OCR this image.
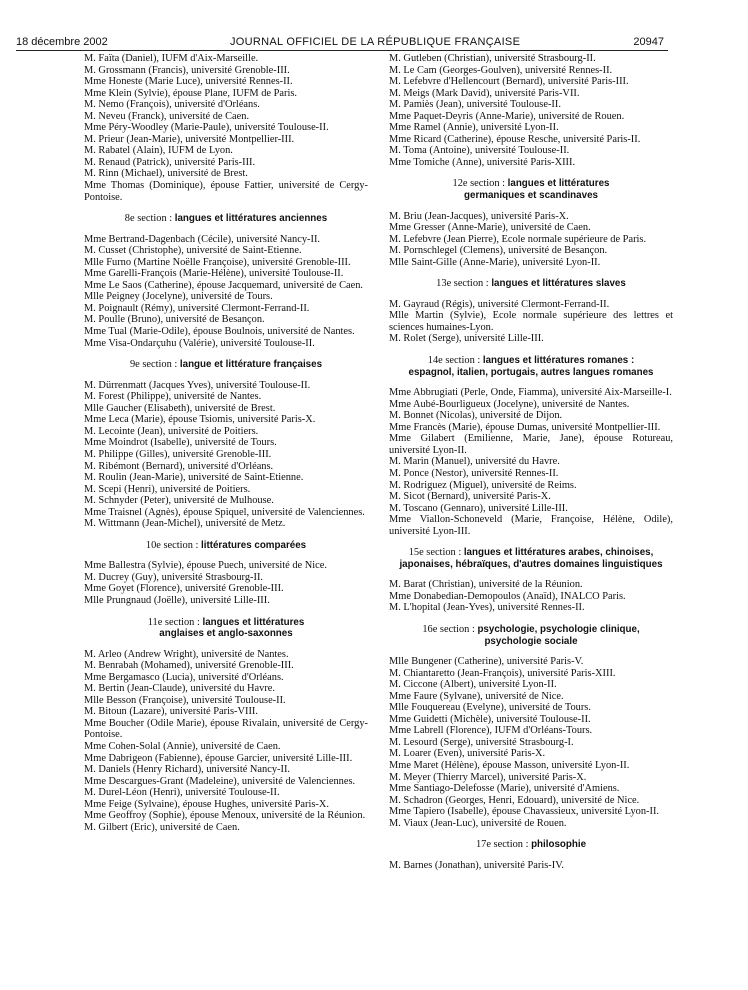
18 décembre 2002	JOURNAL OFFICIEL DE LA RÉPUBLIQUE FRANÇAISE	20947
M. Faïta (Daniel), IUFM d'Aix-Marseille.
M. Grossmann (Francis), université Grenoble-III.
Mme Honeste (Marie Luce), université Rennes-II.
Mme Klein (Sylvie), épouse Plane, IUFM de Paris.
M. Nemo (François), université d'Orléans.
M. Neveu (Franck), université de Caen.
Mme Péry-Woodley (Marie-Paule), université Toulouse-II.
M. Prieur (Jean-Marie), université Montpellier-III.
M. Rabatel (Alain), IUFM de Lyon.
M. Renaud (Patrick), université Paris-III.
M. Rinn (Michael), université de Brest.
Mme Thomas (Dominique), épouse Fattier, université de Cergy-Pontoise.
8e section : langues et littératures anciennes
Mme Bertrand-Dagenbach (Cécile), université Nancy-II.
M. Cusset (Christophe), université de Saint-Etienne.
Mlle Furno (Martine Noëlle Françoise), université Grenoble-III.
Mme Garelli-François (Marie-Hélène), université Toulouse-II.
Mme Le Saos (Catherine), épouse Jacquemard, université de Caen.
Mlle Peigney (Jocelyne), université de Tours.
M. Poignault (Rémy), université Clermont-Ferrand-II.
M. Poulle (Bruno), université de Besançon.
Mme Tual (Marie-Odile), épouse Boulnois, université de Nantes.
Mme Visa-Ondarçuhu (Valérie), université Toulouse-II.
9e section : langue et littérature françaises
M. Dürrenmatt (Jacques Yves), université Toulouse-II.
M. Forest (Philippe), université de Nantes.
Mlle Gaucher (Elisabeth), université de Brest.
Mme Leca (Marie), épouse Tsiomis, université Paris-X.
M. Lecointe (Jean), université de Poitiers.
Mme Moindrot (Isabelle), université de Tours.
M. Philippe (Gilles), université Grenoble-III.
M. Ribémont (Bernard), université d'Orléans.
M. Roulin (Jean-Marie), université de Saint-Etienne.
M. Scepi (Henri), université de Poitiers.
M. Schnyder (Peter), université de Mulhouse.
Mme Traisnel (Agnès), épouse Spiquel, université de Valenciennes.
M. Wittmann (Jean-Michel), université de Metz.
10e section : littératures comparées
Mme Ballestra (Sylvie), épouse Puech, université de Nice.
M. Ducrey (Guy), université Strasbourg-II.
Mme Goyet (Florence), université Grenoble-III.
Mlle Prungnaud (Joëlle), université Lille-III.
11e section : langues et littératures
anglaises et anglo-saxonnes
M. Arleo (Andrew Wright), université de Nantes.
M. Benrabah (Mohamed), université Grenoble-III.
Mme Bergamasco (Lucia), université d'Orléans.
M. Bertin (Jean-Claude), université du Havre.
Mlle Besson (Françoise), université Toulouse-II.
M. Bitoun (Lazare), université Paris-VIII.
Mme Boucher (Odile Marie), épouse Rivalain, université de Cergy-Pontoise.
Mme Cohen-Solal (Annie), université de Caen.
Mme Dabrigeon (Fabienne), épouse Garcier, université Lille-III.
M. Daniels (Henry Richard), université Nancy-II.
Mme Descargues-Grant (Madeleine), université de Valenciennes.
M. Durel-Léon (Henri), université Toulouse-II.
Mme Feige (Sylvaine), épouse Hughes, université Paris-X.
Mme Geoffroy (Sophie), épouse Menoux, université de la Réunion.
M. Gilbert (Eric), université de Caen.
M. Gutleben (Christian), université Strasbourg-II.
M. Le Cam (Georges-Goulven), université Rennes-II.
M. Lefebvre d'Hellencourt (Bernard), université Paris-III.
M. Meigs (Mark David), université Paris-VII.
M. Pamiès (Jean), université Toulouse-II.
Mme Paquet-Deyris (Anne-Marie), université de Rouen.
Mme Ramel (Annie), université Lyon-II.
Mme Ricard (Catherine), épouse Resche, université Paris-II.
M. Toma (Antoine), université Toulouse-II.
Mme Tomiche (Anne), université Paris-XIII.
12e section : langues et littératures
germaniques et scandinaves
M. Briu (Jean-Jacques), université Paris-X.
Mme Gresser (Anne-Marie), université de Caen.
M. Lefebvre (Jean Pierre), Ecole normale supérieure de Paris.
M. Pornschlegel (Clemens), université de Besançon.
Mlle Saint-Gille (Anne-Marie), université Lyon-II.
13e section : langues et littératures slaves
M. Gayraud (Régis), université Clermont-Ferrand-II.
Mlle Martin (Sylvie), Ecole normale supérieure des lettres et sciences humaines-Lyon.
M. Rolet (Serge), université Lille-III.
14e section : langues et littératures romanes :
espagnol, italien, portugais, autres langues romanes
Mme Abbrugiati (Perle, Onde, Fiamma), université Aix-Marseille-I.
Mme Aubé-Bourligueux (Jocelyne), université de Nantes.
M. Bonnet (Nicolas), université de Dijon.
Mme Francès (Marie), épouse Dumas, université Montpellier-III.
Mme Gilabert (Emilienne, Marie, Jane), épouse Rotureau, université Lyon-II.
M. Marin (Manuel), université du Havre.
M. Ponce (Nestor), université Rennes-II.
M. Rodriguez (Miguel), université de Reims.
M. Sicot (Bernard), université Paris-X.
M. Toscano (Gennaro), université Lille-III.
Mme Viallon-Schoneveld (Marie, Françoise, Hélène, Odile), université Lyon-III.
15e section : langues et littératures arabes, chinoises,
japonaises, hébraïques, d'autres domaines linguistiques
M. Barat (Christian), université de la Réunion.
Mme Donabedian-Demopoulos (Anaïd), INALCO Paris.
M. L'hopital (Jean-Yves), université Rennes-II.
16e section : psychologie, psychologie clinique,
psychologie sociale
Mlle Bungener (Catherine), université Paris-V.
M. Chiantaretto (Jean-François), université Paris-XIII.
M. Ciccone (Albert), université Lyon-II.
Mme Faure (Sylvane), université de Nice.
Mlle Fouquereau (Evelyne), université de Tours.
Mme Guidetti (Michèle), université Toulouse-II.
Mme Labrell (Florence), IUFM d'Orléans-Tours.
M. Lesourd (Serge), université Strasbourg-I.
M. Loarer (Even), université Paris-X.
Mme Maret (Hélène), épouse Masson, université Lyon-II.
M. Meyer (Thierry Marcel), université Paris-X.
Mme Santiago-Delefosse (Marie), université d'Amiens.
M. Schadron (Georges, Henri, Edouard), université de Nice.
Mme Tapiero (Isabelle), épouse Chavassieux, université Lyon-II.
M. Viaux (Jean-Luc), université de Rouen.
17e section : philosophie
M. Barnes (Jonathan), université Paris-IV.
